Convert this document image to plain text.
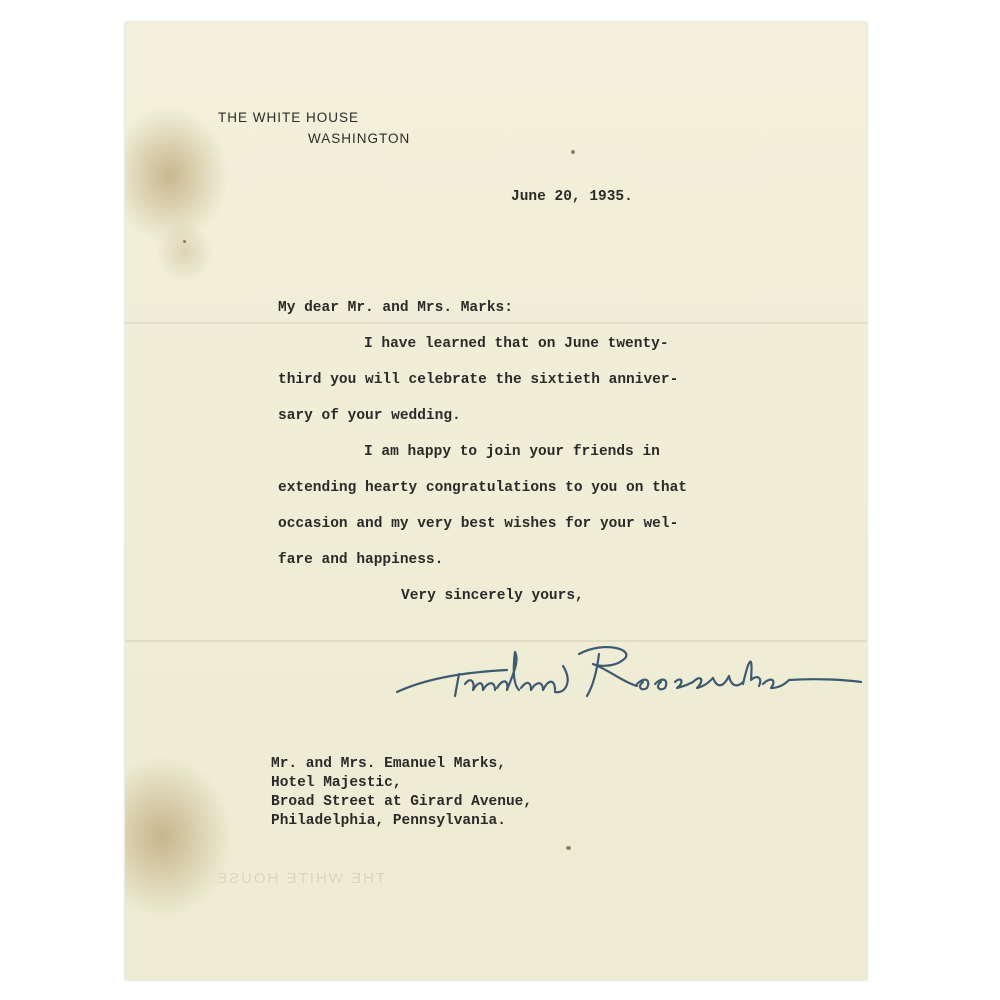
THE WHITE HOUSE
WASHINGTON
June 20, 1935.
My dear Mr. and Mrs. Marks:
I have learned that on June twenty-
third you will celebrate the sixtieth anniver-
sary of your wedding.
I am happy to join your friends in
extending hearty congratulations to you on that
occasion and my very best wishes for your wel-
fare and happiness.
Very sincerely yours,
Mr. and Mrs. Emanuel Marks,
Hotel Majestic,
Broad Street at Girard Avenue,
Philadelphia, Pennsylvania.
THE WHITE HOUSE
